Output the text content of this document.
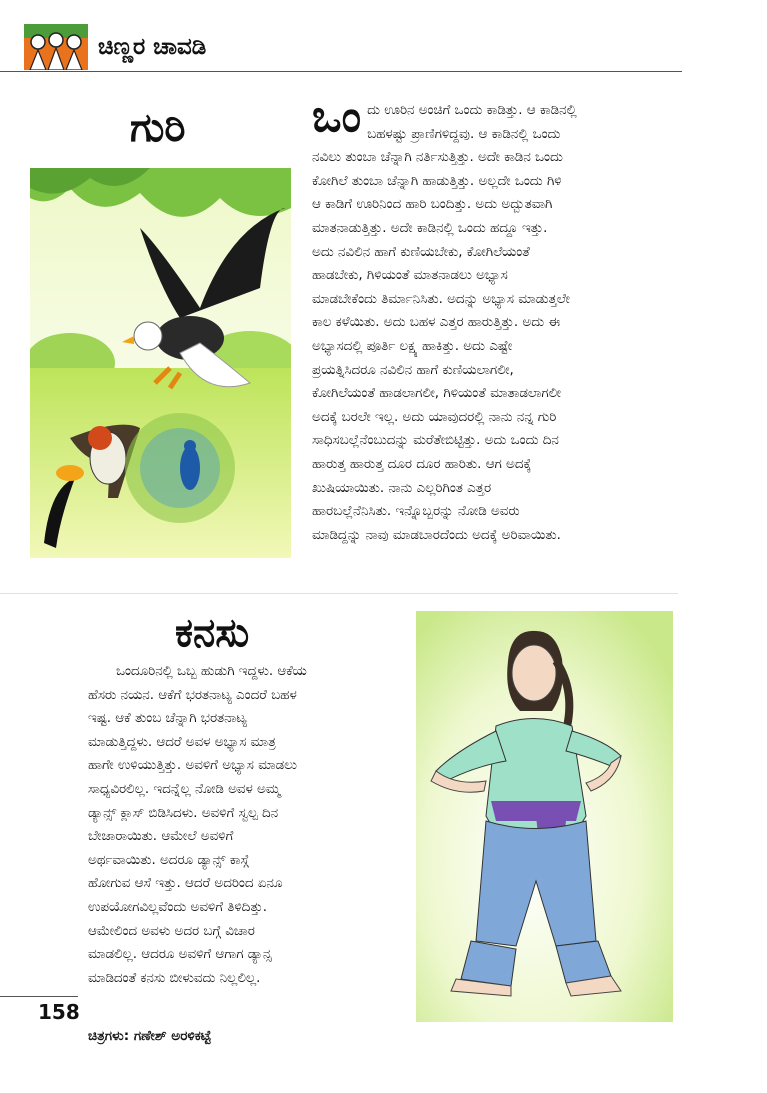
ಚಿಣ್ಣರ ಚಾವಡಿ
ಗುರಿ	ಒಂ ದು ಊರಿನ ಅಂಚಿಗೆ ಒಂದು ಕಾಡಿತ್ತು. ಆ ಕಾಡಿನಲ್ಲಿ
ಬಹಳಷ್ಟು ಪ್ರಾಣಿಗಳಿದ್ದವು. ಆ ಕಾಡಿನಲ್ಲಿ ಒಂದು
ನವಿಲು ತುಂಬಾ ಚೆನ್ನಾಗಿ ನರ್ತಿಸುತ್ತಿತ್ತು. ಅದೇ ಕಾಡಿನ ಒಂದು
ಕೋಗಿಲೆ ತುಂಬಾ ಚೆನ್ನಾಗಿ ಹಾಡುತ್ತಿತ್ತು. ಅಲ್ಲದೇ ಒಂದು ಗಿಳಿ
ಆ ಕಾಡಿಗೆ ಊರಿನಿಂದ ಹಾರಿ ಬಂದಿತ್ತು. ಅದು ಅದ್ಬುತವಾಗಿ
ಮಾತನಾಡುತ್ತಿತ್ತು. ಅದೇ ಕಾಡಿನಲ್ಲಿ ಒಂದು ಹದ್ದೂ ಇತ್ತು.
ಅದು ನವಿಲಿನ ಹಾಗೆ ಕುಣಿಯಬೇಕು, ಕೋಗಿಲೆಯಂತೆ
ಹಾಡಬೇಕು, ಗಿಳಿಯಂತೆ ಮಾತನಾಡಲು ಅಭ್ಯಾಸ
ಮಾಡಬೇಕೆಂದು ತಿರ್ಮಾನಿಸಿತು. ಅದನ್ನು ಅಭ್ಯಾಸ ಮಾಡುತ್ತಲೇ
ಕಾಲ ಕಳೆಯಿತು. ಅದು ಬಹಳ ಎತ್ತರ ಹಾರುತ್ತಿತ್ತು. ಅದು ಈ
ಅಭ್ಯಾಸದಲ್ಲಿ ಪೂರ್ತಿ ಲಕ್ಷ್ಯ ಹಾಕಿತ್ತು. ಅದು ಎಷ್ಟೇ
ಪ್ರಯತ್ನಿಸಿದರೂ ನವಿಲಿನ ಹಾಗೆ ಕುಣಿಯಲಾಗಲೀ,
ಕೋಗಿಲೆಯಂತೆ ಹಾಡಲಾಗಲೀ, ಗಿಳಿಯಂತೆ ಮಾತಾಡಲಾಗಲೀ
ಅದಕ್ಕೆ ಬರಲೇ ಇಲ್ಲ. ಅದು ಯಾವುದರಲ್ಲಿ ನಾನು ನನ್ನ ಗುರಿ
ಸಾಧಿಸಬಲ್ಲೆನೆಂಬುದನ್ನು ಮರೆತೇಬಿಟ್ಟಿತ್ತು. ಅದು ಒಂದು ದಿನ
ಹಾರುತ್ತ ಹಾರುತ್ತ ದೂರ ದೂರ ಹಾರಿತು. ಆಗ ಅದಕ್ಕೆ
ಖುಷಿಯಾಯಿತು. ನಾನು ಎಲ್ಲರಿಗಿಂತ ಎತ್ತರ
ಹಾರಬಲ್ಲೆನೆನಿಸಿತು. ಇನ್ನೊಬ್ಬರನ್ನು ನೋಡಿ ಅವರು
ಮಾಡಿದ್ದನ್ನು ನಾವು ಮಾಡಬಾರದೆಂದು ಅದಕ್ಕೆ ಅರಿವಾಯಿತು.
ಕನಸು
ಒಂದೂರಿನಲ್ಲಿ ಒಬ್ಬ ಹುಡುಗಿ ಇದ್ದಳು. ಆಕೆಯ
ಹೆಸರು ನಯನ. ಆಕೆಗೆ ಭರತನಾಟ್ಯ ಎಂದರೆ ಬಹಳ
ಇಷ್ಟ. ಆಕೆ ತುಂಬ ಚೆನ್ನಾಗಿ ಭರತನಾಟ್ಯ
ಮಾಡುತ್ತಿದ್ದಳು. ಆದರೆ ಅವಳ ಅಭ್ಯಾಸ ಮಾತ್ರ
ಹಾಗೇ ಉಳಿಯುತ್ತಿತ್ತು. ಅವಳಿಗೆ ಅಭ್ಯಾಸ ಮಾಡಲು
ಸಾಧ್ಯವಿರಲಿಲ್ಲ. ಇದನ್ನೆಲ್ಲ ನೋಡಿ ಅವಳ ಅಮ್ಮ
ಡ್ಯಾನ್ಸ್ ಕ್ಲಾಸ್ ಬಿಡಿಸಿದಳು. ಅವಳಿಗೆ ಸ್ವಲ್ಪ ದಿನ
ಬೇಜಾರಾಯಿತು. ಆಮೇಲೆ ಅವಳಿಗೆ
ಅರ್ಥವಾಯಿತು. ಅದರೂ ಡ್ಯಾನ್ಸ್ ಕಾಸ್ಗೆ
ಹೋಗುವ ಆಸೆ ಇತ್ತು. ಆದರೆ ಅದರಿಂದ ಏನೂ
ಉಪಯೋಗವಿಲ್ಲವೆಂದು ಅವಳಿಗೆ ತಿಳಿದಿತ್ತು.
ಆಮೇಲಿಂದ ಅವಳು ಅದರ ಬಗ್ಗೆ ವಿಚಾರ
ಮಾಡಲಿಲ್ಲ. ಆದರೂ ಅವಳಿಗೆ ಆಗಾಗ ಡ್ಯಾನ್ಸ
ಮಾಡಿದಂತೆ ಕನಸು ಬೀಳುವದು ನಿಲ್ಲಲಿಲ್ಲ.
158
ಚಿತ್ರಗಳು: ಗಣೇಶ್ ಅರಳಿಕಟ್ಟೆ
